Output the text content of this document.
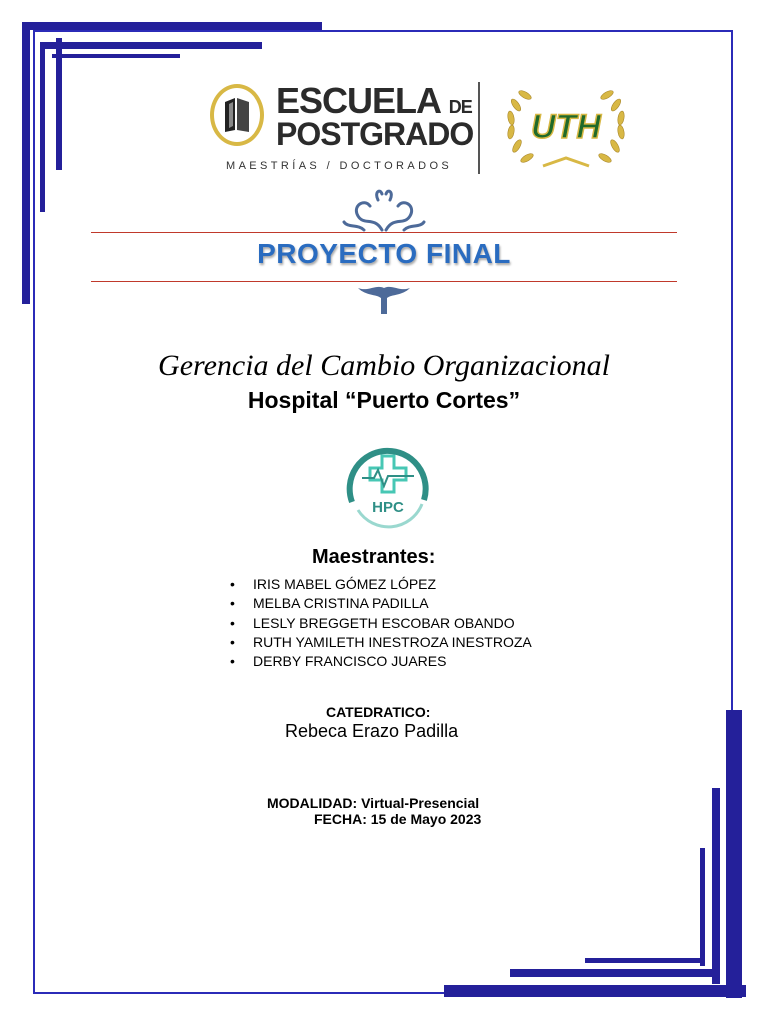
ESCUELA DE
POSTGRADO
MAESTRÍAS / DOCTORADOS
UTH
PROYECTO FINAL
Gerencia del Cambio Organizacional
Hospital “Puerto Cortes”
HPC
Maestrantes:
• IRIS MABEL GÓMEZ LÓPEZ
• MELBA CRISTINA PADILLA
• LESLY BREGGETH ESCOBAR OBANDO
• RUTH YAMILETH INESTROZA INESTROZA
• DERBY FRANCISCO JUARES
CATEDRATICO:
Rebeca Erazo Padilla
MODALIDAD: Virtual-Presencial
FECHA: 15 de Mayo 2023
